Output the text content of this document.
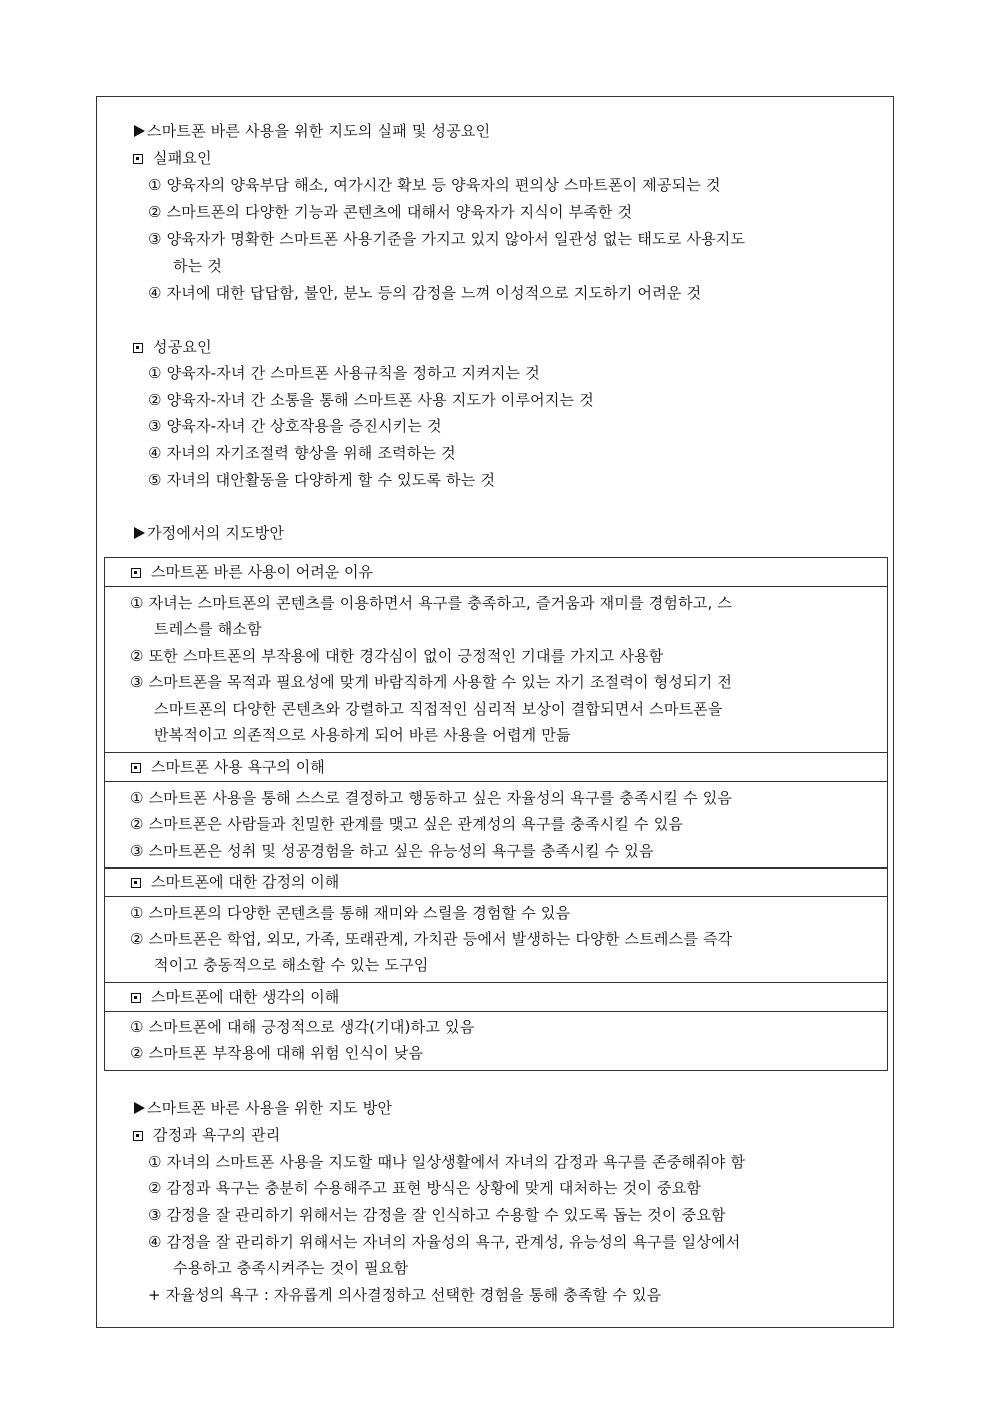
스마트폰 바른 사용을 위한 지도의 실패 및 성공요인
실패요인
① 양육자의 양육부담 해소, 여가시간 확보 등 양육자의 편의상 스마트폰이 제공되는 것
② 스마트폰의 다양한 기능과 콘텐츠에 대해서 양육자가 지식이 부족한 것
③ 양육자가 명확한 스마트폰 사용기준을 가지고 있지 않아서 일관성 없는 태도로 사용지도
하는 것
④ 자녀에 대한 답답함, 불안, 분노 등의 감정을 느껴 이성적으로 지도하기 어려운 것
성공요인
① 양육자-자녀 간 스마트폰 사용규칙을 정하고 지켜지는 것
② 양육자-자녀 간 소통을 통해 스마트폰 사용 지도가 이루어지는 것
③ 양육자-자녀 간 상호작용을 증진시키는 것
④ 자녀의 자기조절력 향상을 위해 조력하는 것
⑤ 자녀의 대안활동을 다양하게 할 수 있도록 하는 것
가정에서의 지도방안
스마트폰 바른 사용이 어려운 이유
① 자녀는 스마트폰의 콘텐츠를 이용하면서 욕구를 충족하고, 즐거움과 재미를 경험하고, 스
트레스를 해소함
② 또한 스마트폰의 부작용에 대한 경각심이 없이 긍정적인 기대를 가지고 사용함
③ 스마트폰을 목적과 필요성에 맞게 바람직하게 사용할 수 있는 자기 조절력이 형성되기 전
스마트폰의 다양한 콘텐츠와 강렬하고 직접적인 심리적 보상이 결합되면서 스마트폰을
반복적이고 의존적으로 사용하게 되어 바른 사용을 어렵게 만듦
스마트폰 사용 욕구의 이해
① 스마트폰 사용을 통해 스스로 결정하고 행동하고 싶은 자율성의 욕구를 충족시킬 수 있음
② 스마트폰은 사람들과 친밀한 관계를 맺고 싶은 관계성의 욕구를 충족시킬 수 있음
③ 스마트폰은 성취 및 성공경험을 하고 싶은 유능성의 욕구를 충족시킬 수 있음
스마트폰에 대한 감정의 이해
① 스마트폰의 다양한 콘텐츠를 통해 재미와 스릴을 경험할 수 있음
② 스마트폰은 학업, 외모, 가족, 또래관계, 가치관 등에서 발생하는 다양한 스트레스를 즉각
적이고 충동적으로 해소할 수 있는 도구임
스마트폰에 대한 생각의 이해
① 스마트폰에 대해 긍정적으로 생각(기대)하고 있음
② 스마트폰 부작용에 대해 위험 인식이 낮음
스마트폰 바른 사용을 위한 지도 방안
감정과 욕구의 관리
① 자녀의 스마트폰 사용을 지도할 때나 일상생활에서 자녀의 감정과 욕구를 존중해줘야 함
② 감정과 욕구는 충분히 수용해주고 표현 방식은 상황에 맞게 대처하는 것이 중요함
③ 감정을 잘 관리하기 위해서는 감정을 잘 인식하고 수용할 수 있도록 돕는 것이 중요함
④ 감정을 잘 관리하기 위해서는 자녀의 자율성의 욕구, 관계성, 유능성의 욕구를 일상에서
수용하고 충족시켜주는 것이 필요함
+ 자율성의 욕구 : 자유롭게 의사결정하고 선택한 경험을 통해 충족할 수 있음
